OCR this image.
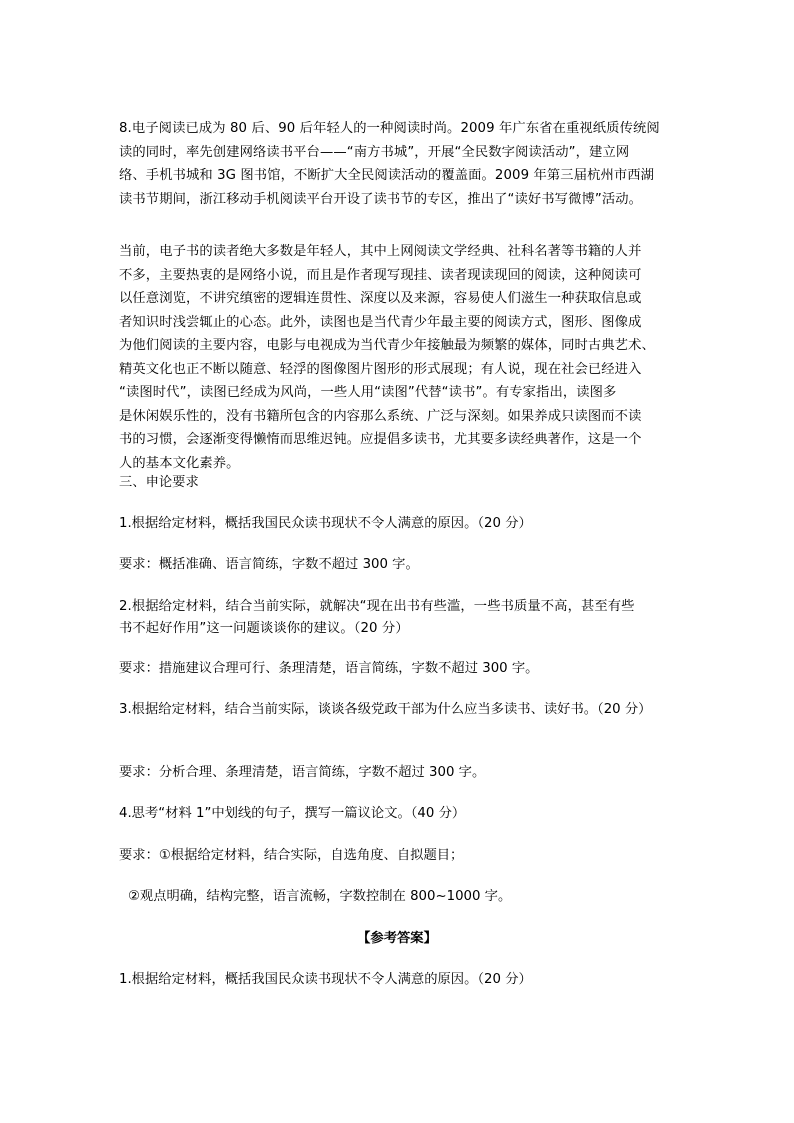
8.电子阅读已成为 80 后、90 后年轻人的一种阅读时尚。2009 年广东省在重视纸质传统阅
读的同时，率先创建网络读书平台——“南方书城”，开展“全民数字阅读活动”，建立网
络、手机书城和 3G 图书馆，不断扩大全民阅读活动的覆盖面。2009 年第三届杭州市西湖
读书节期间，浙江移动手机阅读平台开设了读书节的专区，推出了“读好书写微博”活动。

当前，电子书的读者绝大多数是年轻人，其中上网阅读文学经典、社科名著等书籍的人并
不多，主要热衷的是网络小说，而且是作者现写现挂、读者现读现回的阅读，这种阅读可
以任意浏览，不讲究缜密的逻辑连贯性、深度以及来源，容易使人们滋生一种获取信息或
者知识时浅尝辄止的心态。此外，读图也是当代青少年最主要的阅读方式，图形、图像成
为他们阅读的主要内容，电影与电视成为当代青少年接触最为频繁的媒体，同时古典艺术、
精英文化也正不断以随意、轻浮的图像图片图形的形式展现；有人说，现在社会已经进入
“读图时代”，读图已经成为风尚，一些人用“读图”代替“读书”。有专家指出，读图多
是休闲娱乐性的，没有书籍所包含的内容那么系统、广泛与深刻。如果养成只读图而不读
书的习惯，会逐渐变得懒惰而思维迟钝。应提倡多读书，尤其要多读经典著作，这是一个
人的基本文化素养。

三、申论要求

1.根据给定材料，概括我国民众读书现状不令人满意的原因。（20 分）

要求：概括准确、语言简练，字数不超过 300 字。

2.根据给定材料，结合当前实际，就解决“现在出书有些滥，一些书质量不高，甚至有些
书不起好作用”这一问题谈谈你的建议。（20 分）

要求：措施建议合理可行、条理清楚，语言简练，字数不超过 300 字。

3.根据给定材料，结合当前实际，谈谈各级党政干部为什么应当多读书、读好书。（20 分）

要求：分析合理、条理清楚，语言简练，字数不超过 300 字。

4.思考“材料 1”中划线的句子，撰写一篇议论文。（40 分）

要求：①根据给定材料，结合实际，自选角度、自拟题目；

②观点明确，结构完整，语言流畅，字数控制在 800~1000 字。

【参考答案】

1.根据给定材料，概括我国民众读书现状不令人满意的原因。（20 分）
